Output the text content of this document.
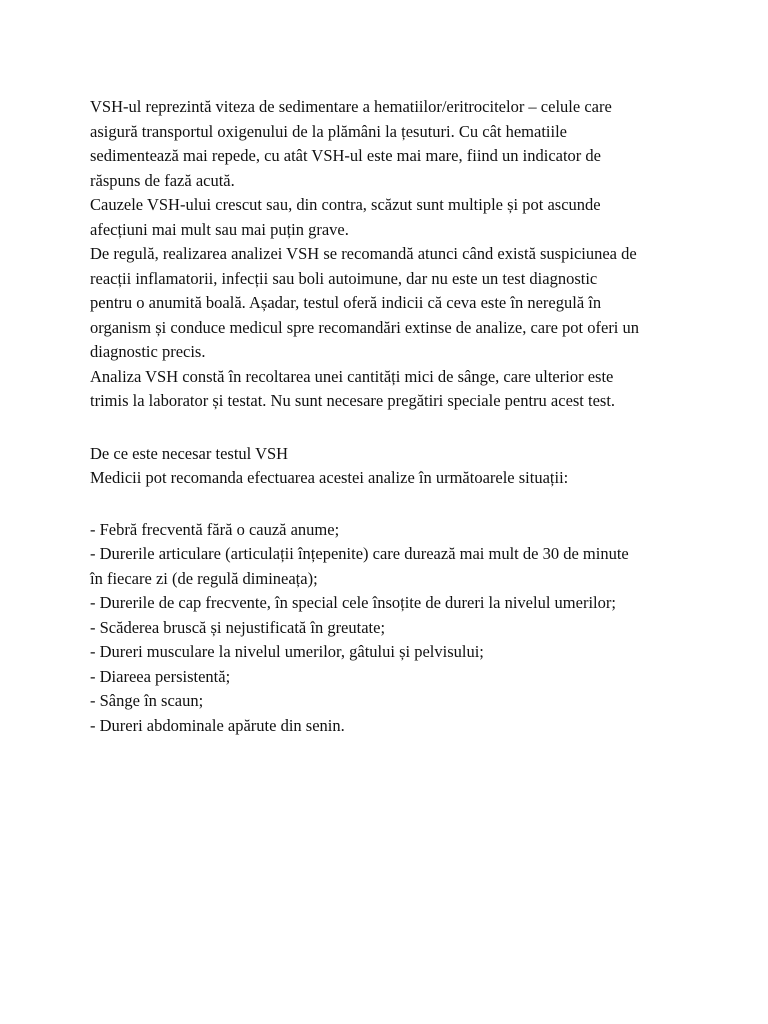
VSH-ul reprezintă viteza de sedimentare a hematiilor/eritrocitelor – celule care
asigură transportul oxigenului de la plămâni la țesuturi. Cu cât hematiile
sedimentează mai repede, cu atât VSH-ul este mai mare, fiind un indicator de
răspuns de fază acută.

Cauzele VSH-ului crescut sau, din contra, scăzut sunt multiple și pot ascunde
afecțiuni mai mult sau mai puțin grave.

De regulă, realizarea analizei VSH se recomandă atunci când există suspiciunea de
reacții inflamatorii, infecții sau boli autoimune, dar nu este un test diagnostic
pentru o anumită boală. Așadar, testul oferă indicii că ceva este în neregulă în
organism și conduce medicul spre recomandări extinse de analize, care pot oferi un
diagnostic precis.

Analiza VSH constă în recoltarea unei cantități mici de sânge, care ulterior este
trimis la laborator și testat. Nu sunt necesare pregătiri speciale pentru acest test.

De ce este necesar testul VSH

Medicii pot recomanda efectuarea acestei analize în următoarele situații:

- Febră frecventă fără o cauză anume;

- Durerile articulare (articulații înțepenite) care durează mai mult de 30 de minute
în fiecare zi (de regulă dimineața);

- Durerile de cap frecvente, în special cele însoțite de dureri la nivelul umerilor;

- Scăderea bruscă și nejustificată în greutate;

- Dureri musculare la nivelul umerilor, gâtului și pelvisului;

- Diareea persistentă;

- Sânge în scaun;

- Dureri abdominale apărute din senin.
